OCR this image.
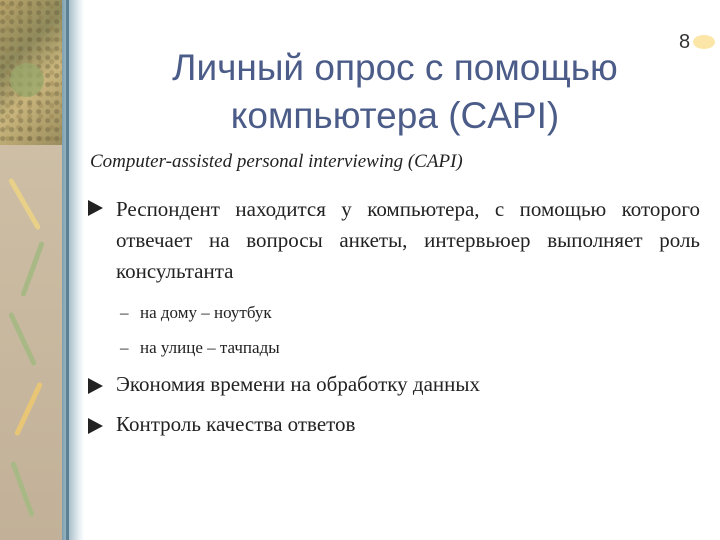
8
Личный опрос с помощью
компьютера (CAPI)
Computer-assisted personal interviewing (CAPI)
Респондент находится у компьютера, с помощью которого отвечает на вопросы анкеты, интервьюер выполняет роль консультанта
– на дому – ноутбук
– на улице – тачпады
Экономия времени на обработку данных
Контроль качества ответов
